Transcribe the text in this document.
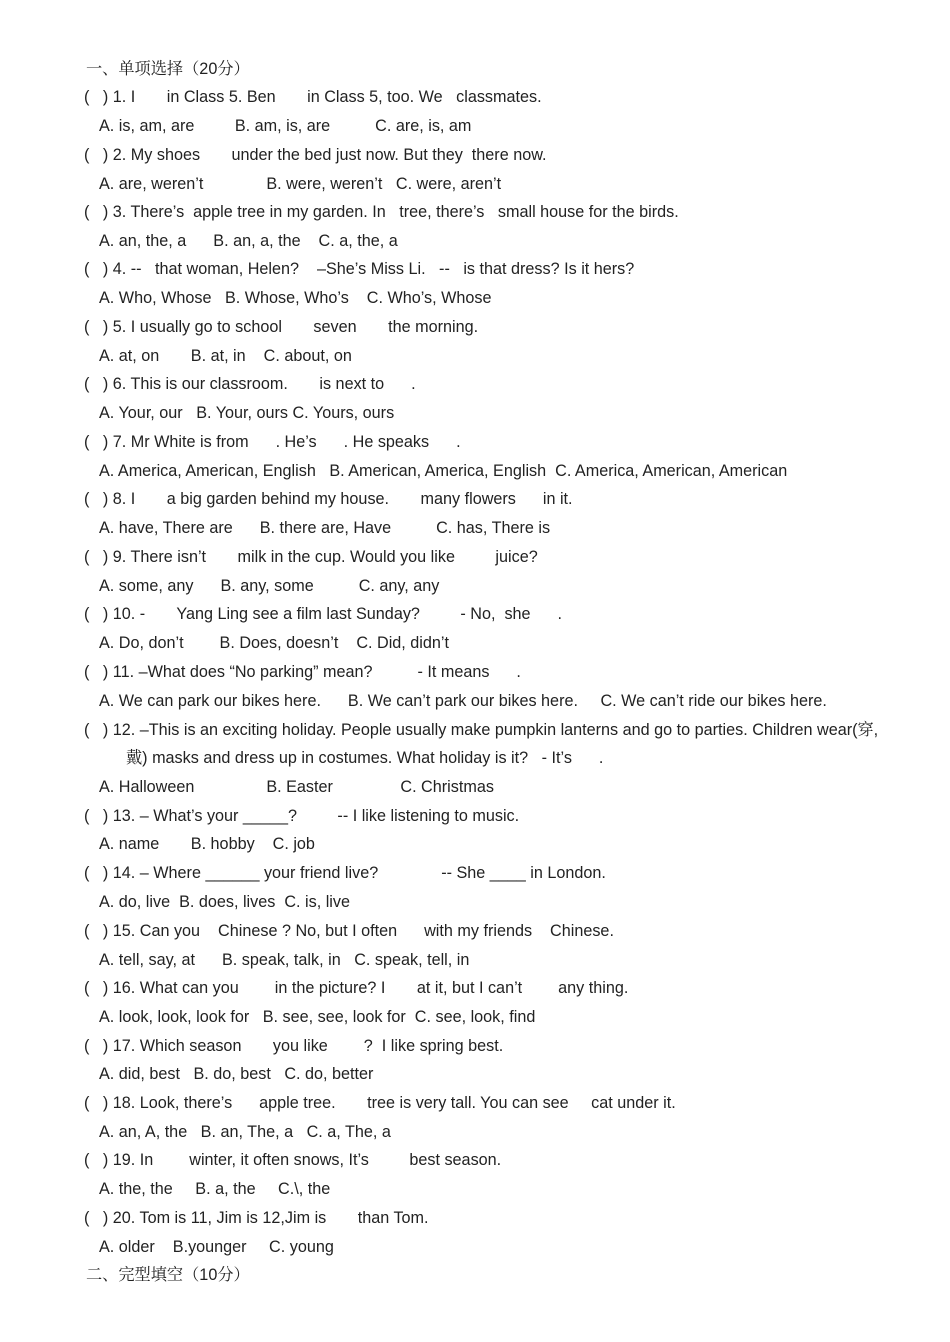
一、单项选择（20分）
(   ) 1. I       in Class 5. Ben       in Class 5, too. We   classmates.
A. is, am, are         B. am, is, are          C. are, is, am
(   ) 2. My shoes       under the bed just now. But they  there now.
A. are, weren’t              B. were, weren’t   C. were, aren’t
(   ) 3. There’s  apple tree in my garden. In   tree, there’s   small house for the birds.
A. an, the, a      B. an, a, the    C. a, the, a
(   ) 4. --   that woman, Helen?    –She’s Miss Li.   --   is that dress? Is it hers?
A. Who, Whose   B. Whose, Who’s    C. Who’s, Whose
(   ) 5. I usually go to school       seven       the morning.
A. at, on       B. at, in    C. about, on
(   ) 6. This is our classroom.       is next to      .
A. Your, our   B. Your, ours C. Yours, ours
(   ) 7. Mr White is from      . He’s      . He speaks      .
A. America, American, English   B. American, America, English  C. America, American, American
(   ) 8. I       a big garden behind my house.       many flowers      in it.
A. have, There are      B. there are, Have          C. has, There is
(   ) 9. There isn’t       milk in the cup. Would you like         juice?
A. some, any      B. any, some          C. any, any
(   ) 10. -       Yang Ling see a film last Sunday?         - No,  she      .
A. Do, don’t        B. Does, doesn’t    C. Did, didn’t
(   ) 11. –What does “No parking” mean?          - It means      .
A. We can park our bikes here.      B. We can’t park our bikes here.     C. We can’t ride our bikes here.
(   ) 12. –This is an exciting holiday. People usually make pumpkin lanterns and go to parties. Children wear(穿,
戴) masks and dress up in costumes. What holiday is it?   - It’s      .
A. Halloween                B. Easter               C. Christmas
(   ) 13. – What’s your _____?         -- I like listening to music.
A. name       B. hobby    C. job
(   ) 14. – Where ______ your friend live?              -- She ____ in London.
A. do, live  B. does, lives  C. is, live
(   ) 15. Can you    Chinese ? No, but I often      with my friends    Chinese.
A. tell, say, at      B. speak, talk, in   C. speak, tell, in
(   ) 16. What can you        in the picture? I       at it, but I can’t        any thing.
A. look, look, look for   B. see, see, look for  C. see, look, find
(   ) 17. Which season       you like        ?  I like spring best.
A. did, best   B. do, best   C. do, better
(   ) 18. Look, there’s      apple tree.       tree is very tall. You can see     cat under it.
A. an, A, the   B. an, The, a   C. a, The, a
(   ) 19. In        winter, it often snows, It’s         best season.
A. the, the     B. a, the     C.\, the
(   ) 20. Tom is 11, Jim is 12,Jim is       than Tom.
A. older    B.younger     C. young
二、完型填空（10分）
